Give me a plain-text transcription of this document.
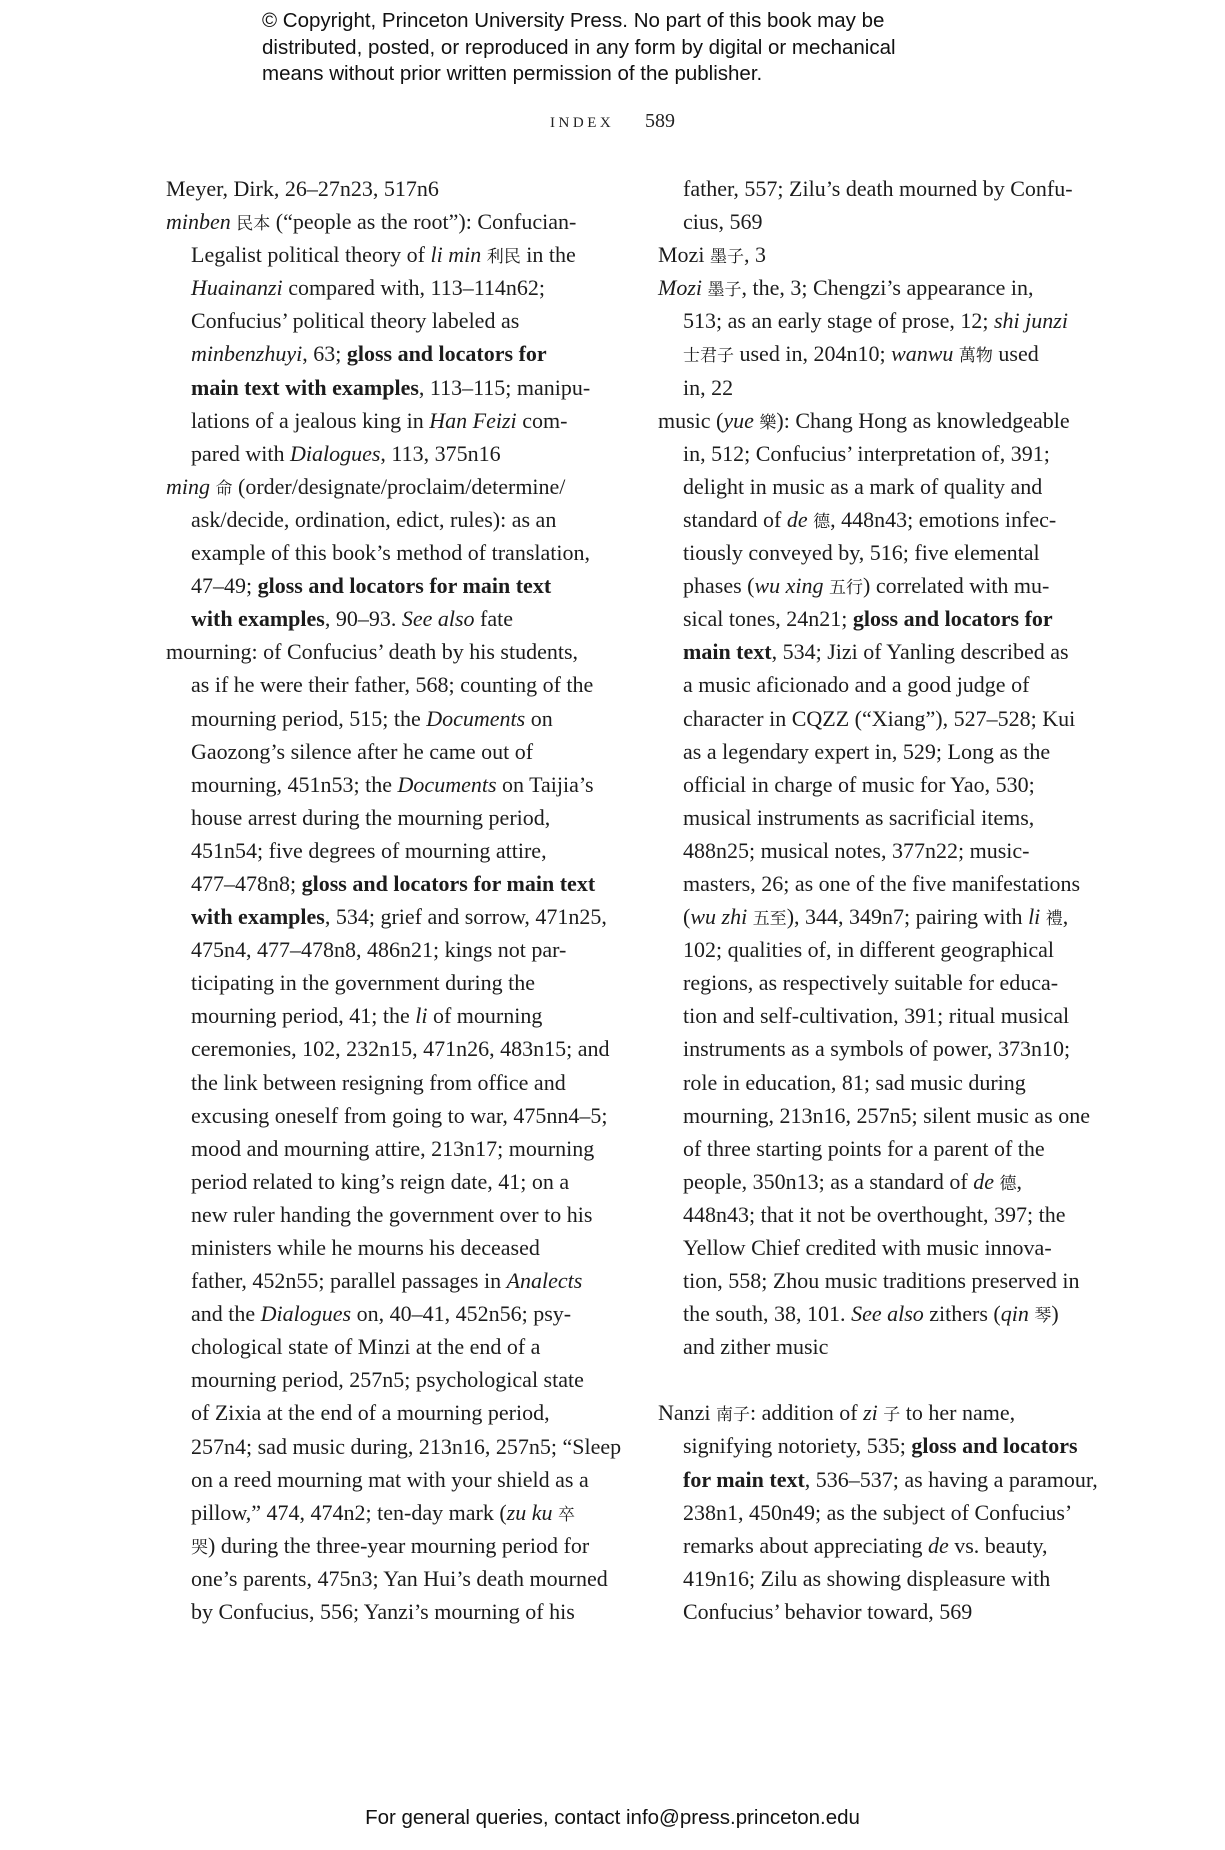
© Copyright, Princeton University Press. No part of this book may be
distributed, posted, or reproduced in any form by digital or mechanical
means without prior written permission of the publisher.
INDEX 589
Meyer, Dirk, 26–27n23, 517n6
minben 民本 (“people as the root”): Confucian-
Legalist political theory of li min 利民 in the
Huainanzi compared with, 113–114n62;
Confucius’ political theory labeled as
minbenzhuyi, 63; gloss and locators for
main text with examples, 113–115; manipu-
lations of a jealous king in Han Feizi com-
pared with Dialogues, 113, 375n16
ming 命 (order/designate/proclaim/determine/
ask/decide, ordination, edict, rules): as an
example of this book’s method of translation,
47–49; gloss and locators for main text
with examples, 90–93. See also fate
mourning: of Confucius’ death by his students,
as if he were their father, 568; counting of the
mourning period, 515; the Documents on
Gaozong’s silence after he came out of
mourning, 451n53; the Documents on Taijia’s
house arrest during the mourning period,
451n54; five degrees of mourning attire,
477–478n8; gloss and locators for main text
with examples, 534; grief and sorrow, 471n25,
475n4, 477–478n8, 486n21; kings not par-
ticipating in the government during the
mourning period, 41; the li of mourning
ceremonies, 102, 232n15, 471n26, 483n15; and
the link between resigning from office and
excusing oneself from going to war, 475nn4–5;
mood and mourning attire, 213n17; mourning
period related to king’s reign date, 41; on a
new ruler handing the government over to his
ministers while he mourns his deceased
father, 452n55; parallel passages in Analects
and the Dialogues on, 40–41, 452n56; psy-
chological state of Minzi at the end of a
mourning period, 257n5; psychological state
of Zixia at the end of a mourning period,
257n4; sad music during, 213n16, 257n5; “Sleep
on a reed mourning mat with your shield as a
pillow,” 474, 474n2; ten-day mark (zu ku 卒
哭) during the three-year mourning period for
one’s parents, 475n3; Yan Hui’s death mourned
by Confucius, 556; Yanzi’s mourning of his
father, 557; Zilu’s death mourned by Confu-
cius, 569
Mozi 墨子, 3
Mozi 墨子, the, 3; Chengzi’s appearance in,
513; as an early stage of prose, 12; shi junzi
士君子 used in, 204n10; wanwu 萬物 used
in, 22
music (yue 樂): Chang Hong as knowledgeable
in, 512; Confucius’ interpretation of, 391;
delight in music as a mark of quality and
standard of de 德, 448n43; emotions infec-
tiously conveyed by, 516; five elemental
phases (wu xing 五行) correlated with mu-
sical tones, 24n21; gloss and locators for
main text, 534; Jizi of Yanling described as
a music aficionado and a good judge of
character in CQZZ (“Xiang”), 527–528; Kui
as a legendary expert in, 529; Long as the
official in charge of music for Yao, 530;
musical instruments as sacrificial items,
488n25; musical notes, 377n22; music-
masters, 26; as one of the five manifestations
(wu zhi 五至), 344, 349n7; pairing with li 禮,
102; qualities of, in different geographical
regions, as respectively suitable for educa-
tion and self-cultivation, 391; ritual musical
instruments as a symbols of power, 373n10;
role in education, 81; sad music during
mourning, 213n16, 257n5; silent music as one
of three starting points for a parent of the
people, 350n13; as a standard of de 德,
448n43; that it not be overthought, 397; the
Yellow Chief credited with music innova-
tion, 558; Zhou music traditions preserved in
the south, 38, 101. See also zithers (qin 琴)
and zither music
Nanzi 南子: addition of zi 子 to her name,
signifying notoriety, 535; gloss and locators
for main text, 536–537; as having a paramour,
238n1, 450n49; as the subject of Confucius’
remarks about appreciating de vs. beauty,
419n16; Zilu as showing displeasure with
Confucius’ behavior toward, 569
For general queries, contact info@press.princeton.edu
